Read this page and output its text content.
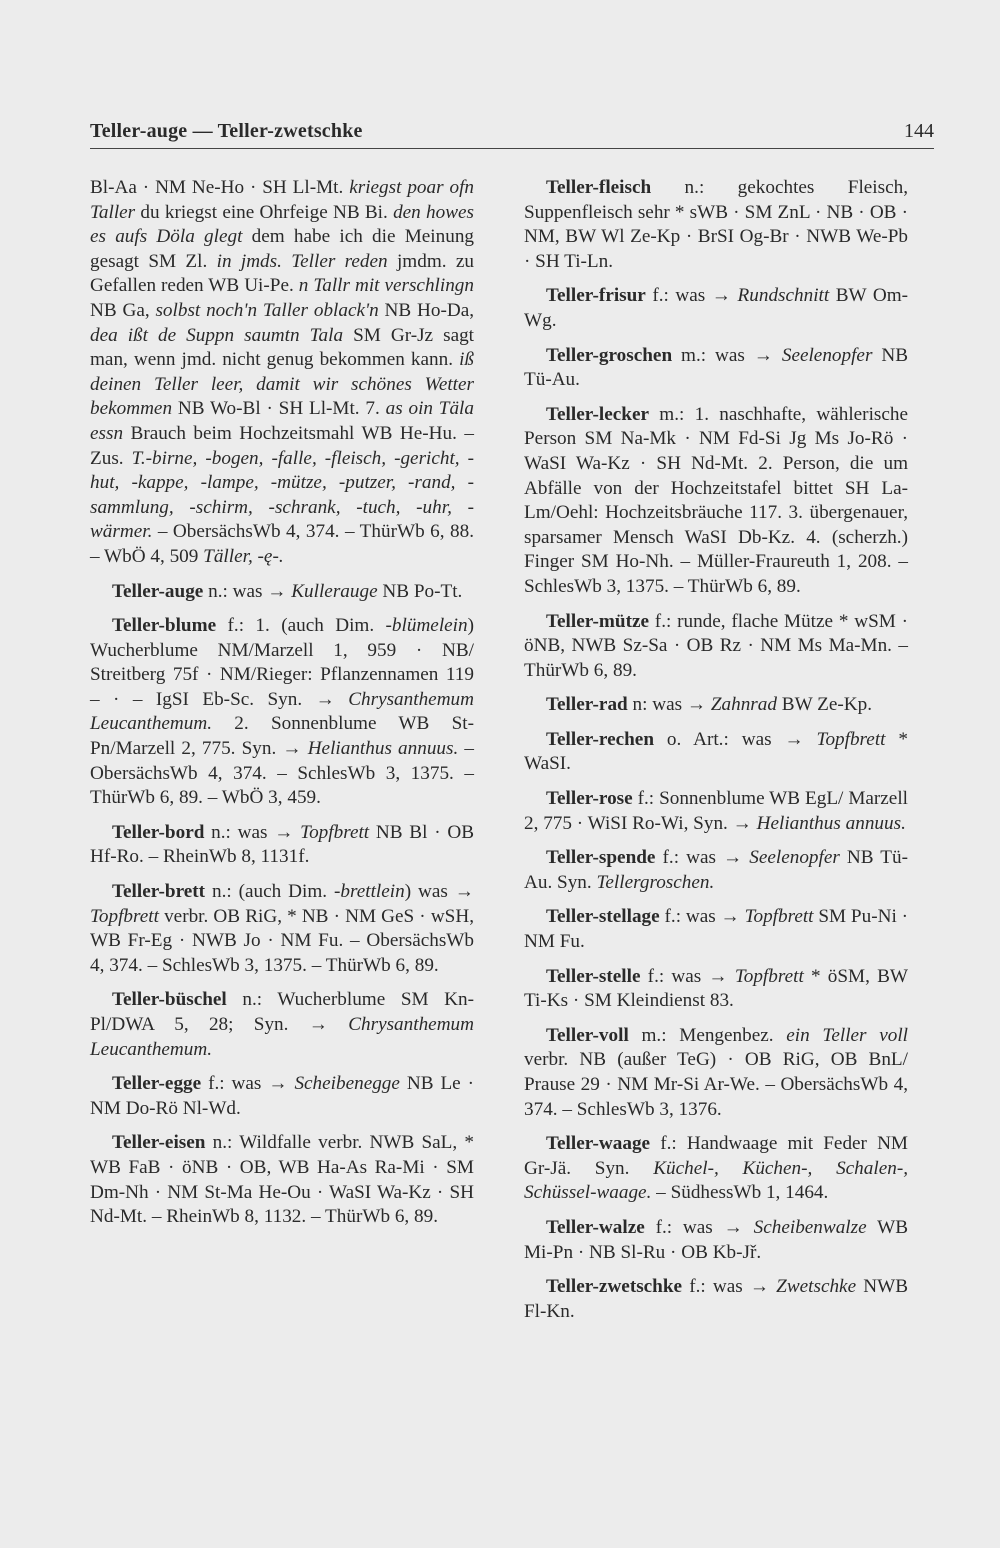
Teller-auge — Teller-zwetschke	144

Bl-Aa · NM Ne-Ho · SH Ll-Mt. kriegst poar ofn Taller du kriegst eine Ohrfeige NB Bi. den howes es aufs Döla glegt dem habe ich die Meinung gesagt SM Zl. in jmds. Teller reden jmdm. zu Gefallen reden WB Ui-Pe. n Tallr mit verschlingn NB Ga, solbst noch'n Taller oblack'n NB Ho-Da, dea ißt de Suppn saumtn Tala SM Gr-Jz sagt man, wenn jmd. nicht genug bekommen kann. iß deinen Teller leer, damit wir schönes Wetter bekommen NB Wo-Bl · SH Ll-Mt. 7. as oin Täla essn Brauch beim Hochzeitsmahl WB He-Hu. – Zus. T.-birne, -bogen, -falle, -fleisch, -gericht, -hut, -kappe, -lampe, -mütze, -putzer, -rand, -sammlung, -schirm, -schrank, -tuch, -uhr, -wärmer. – ObersächsWb 4, 374. – ThürWb 6, 88. – WbÖ 4, 509 Täller, -ę-.

Teller-auge n.: was → Kullerauge NB Po-Tt.

Teller-blume f.: 1. (auch Dim. -blümelein) Wucherblume NM/Marzell 1, 959 · NB/ Streitberg 75f · NM/Rieger: Pflanzennamen 119 – · – IgSI Eb-Sc. Syn. → Chrysanthemum Leucanthemum. 2. Sonnenblume WB St-Pn/Marzell 2, 775. Syn. → Helianthus annuus. – ObersächsWb 4, 374. – SchlesWb 3, 1375. – ThürWb 6, 89. – WbÖ 3, 459.

Teller-bord n.: was → Topfbrett NB Bl · OB Hf-Ro. – RheinWb 8, 1131f.

Teller-brett n.: (auch Dim. -brettlein) was → Topfbrett verbr. OB RiG, * NB · NM GeS · wSH, WB Fr-Eg · NWB Jo · NM Fu. – ObersächsWb 4, 374. – SchlesWb 3, 1375. – ThürWb 6, 89.

Teller-büschel n.: Wucherblume SM Kn-Pl/DWA 5, 28; Syn. → Chrysanthemum Leucanthemum.

Teller-egge f.: was → Scheibenegge NB Le · NM Do-Rö Nl-Wd.

Teller-eisen n.: Wildfalle verbr. NWB SaL, * WB FaB · öNB · OB, WB Ha-As Ra-Mi · SM Dm-Nh · NM St-Ma He-Ou · WaSI Wa-Kz · SH Nd-Mt. – RheinWb 8, 1132. – ThürWb 6, 89.

Teller-fleisch n.: gekochtes Fleisch, Suppenfleisch sehr * sWB · SM ZnL · NB · OB · NM, BW Wl Ze-Kp · BrSI Og-Br · NWB We-Pb · SH Ti-Ln.

Teller-frisur f.: was → Rundschnitt BW Om-Wg.

Teller-groschen m.: was → Seelenopfer NB Tü-Au.

Teller-lecker m.: 1. naschhafte, wählerische Person SM Na-Mk · NM Fd-Si Jg Ms Jo-Rö · WaSI Wa-Kz · SH Nd-Mt. 2. Person, die um Abfälle von der Hochzeitstafel bittet SH La-Lm/Oehl: Hochzeitsbräuche 117. 3. übergenauer, sparsamer Mensch WaSI Db-Kz. 4. (scherzh.) Finger SM Ho-Nh. – Müller-Fraureuth 1, 208. – SchlesWb 3, 1375. – ThürWb 6, 89.

Teller-mütze f.: runde, flache Mütze * wSM · öNB, NWB Sz-Sa · OB Rz · NM Ms Ma-Mn. – ThürWb 6, 89.

Teller-rad n: was → Zahnrad BW Ze-Kp.

Teller-rechen o. Art.: was → Topfbrett * WaSI.

Teller-rose f.: Sonnenblume WB EgL/ Marzell 2, 775 · WiSI Ro-Wi, Syn. → Helianthus annuus.

Teller-spende f.: was → Seelenopfer NB Tü-Au. Syn. Tellergroschen.

Teller-stellage f.: was → Topfbrett SM Pu-Ni · NM Fu.

Teller-stelle f.: was → Topfbrett * öSM, BW Ti-Ks · SM Kleindienst 83.

Teller-voll m.: Mengenbez. ein Teller voll verbr. NB (außer TeG) · OB RiG, OB BnL/ Prause 29 · NM Mr-Si Ar-We. – ObersächsWb 4, 374. – SchlesWb 3, 1376.

Teller-waage f.: Handwaage mit Feder NM Gr-Jä. Syn. Küchel-, Küchen-, Schalen-, Schüssel-waage. – SüdhessWb 1, 1464.

Teller-walze f.: was → Scheibenwalze WB Mi-Pn · NB Sl-Ru · OB Kb-Jř.

Teller-zwetschke f.: was → Zwetschke NWB Fl-Kn.
